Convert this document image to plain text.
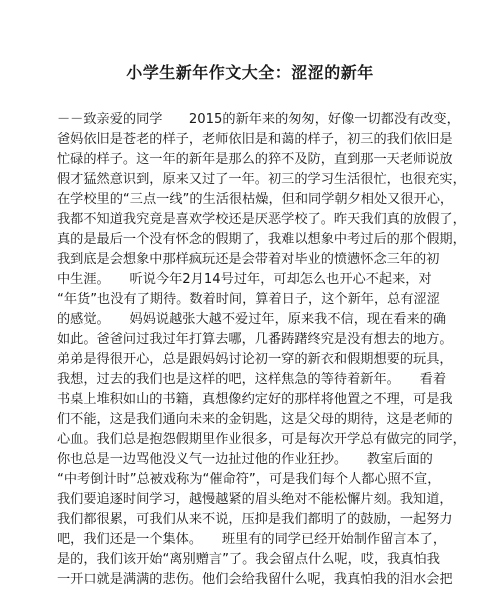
小学生新年作文大全：涩涩的新年
－－致亲爱的同学　　2015的新年来的匆匆，好像一切都没有改变，
爸妈依旧是苍老的样子，老师依旧是和蔼的样子，初三的我们依旧是
忙碌的样子。这一年的新年是那么的猝不及防，直到那一天老师说放
假才猛然意识到，原来又过了一年。初三的学习生活很忙，也很充实，
在学校里的“三点一线”的生活很枯燥，但和同学朝夕相处又很开心，
我都不知道我究竟是喜欢学校还是厌恶学校了。昨天我们真的放假了，
真的是最后一个没有怀念的假期了，我难以想象中考过后的那个假期，
我到底是会想象中那样疯玩还是会带着对毕业的愤懑怀念三年的初
中生涯。　　听说今年2月14号过年，可却怎么也开心不起来，对
“年货”也没有了期待。数着时间，算着日子，这个新年，总有涩涩
的感觉。　　妈妈说越张大越不爱过年，原来我不信，现在看来的确
如此。爸爸问过我过年打算去哪，几番踌躇终究是没有想去的地方。
弟弟是得很开心，总是跟妈妈讨论初一穿的新衣和假期想要的玩具，
我想，过去的我们也是这样的吧，这样焦急的等待着新年。　　看着
书桌上堆积如山的书籍，真想像约定好的那样将他置之不理，可是我
们不能，这是我们通向未来的金钥匙，这是父母的期待，这是老师的
心血。我们总是抱怨假期里作业很多，可是每次开学总有做完的同学，
你也总是一边骂他没义气一边扯过他的作业狂抄。　　教室后面的
“中考倒计时”总被戏称为“催命符”，可是我们每个人都心照不宣，
我们要追逐时间学习，越慢越紧的眉头绝对不能松懈片刻。我知道，
我们都很累，可我们从来不说，压抑是我们都明了的鼓励，一起努力
吧，我们还是一个集体。　　班里有的同学已经开始制作留言本了，
是的，我们该开始“离别赠言”了。我会留点什么呢，哎，我真怕我
一开口就是满满的悲伤。他们会给我留什么呢，我真怕我的泪水会把
